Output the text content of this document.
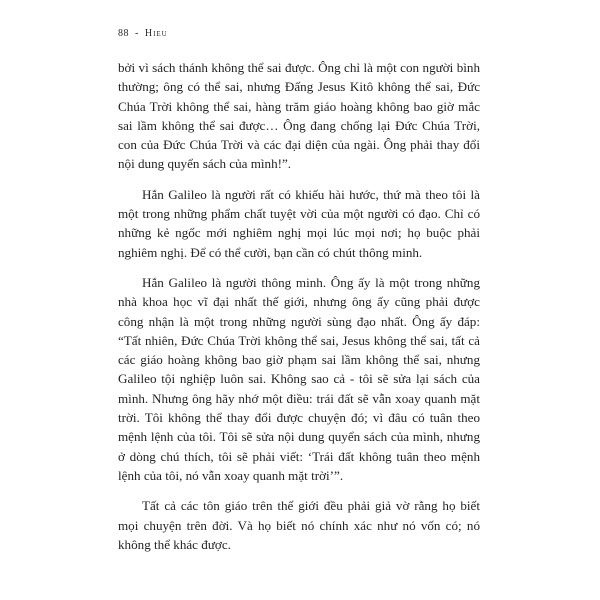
88 - Hieu

bởi vì sách thánh không thể sai được. Ông chỉ là một con người bình thường; ông có thể sai, nhưng Đấng Jesus Kitô không thể sai, Đức Chúa Trời không thể sai, hàng trăm giáo hoàng không bao giờ mắc sai lầm không thể sai được… Ông đang chống lại Đức Chúa Trời, con của Đức Chúa Trời và các đại diện của ngài. Ông phải thay đổi nội dung quyển sách của mình!”.

Hắn Galileo là người rất có khiếu hài hước, thứ mà theo tôi là một trong những phẩm chất tuyệt vời của một người có đạo. Chỉ có những kẻ ngốc mới nghiêm nghị mọi lúc mọi nơi; họ buộc phải nghiêm nghị. Để có thể cười, bạn cần có chút thông minh.

Hắn Galileo là người thông minh. Ông ấy là một trong những nhà khoa học vĩ đại nhất thế giới, nhưng ông ấy cũng phải được công nhận là một trong những người sùng đạo nhất. Ông ấy đáp: “Tất nhiên, Đức Chúa Trời không thể sai, Jesus không thể sai, tất cả các giáo hoàng không bao giờ phạm sai lầm không thể sai, nhưng Galileo tội nghiệp luôn sai. Không sao cả - tôi sẽ sửa lại sách của mình. Nhưng ông hãy nhớ một điều: trái đất sẽ vẫn xoay quanh mặt trời. Tôi không thể thay đổi được chuyện đó; vì đâu có tuân theo mệnh lệnh của tôi. Tôi sẽ sửa nội dung quyển sách của mình, nhưng ở dòng chú thích, tôi sẽ phải viết: ‘Trái đất không tuân theo mệnh lệnh của tôi, nó vẫn xoay quanh mặt trời’”.

Tất cả các tôn giáo trên thế giới đều phải giả vờ rằng họ biết mọi chuyện trên đời. Và họ biết nó chính xác như nó vốn có; nó không thể khác được.
